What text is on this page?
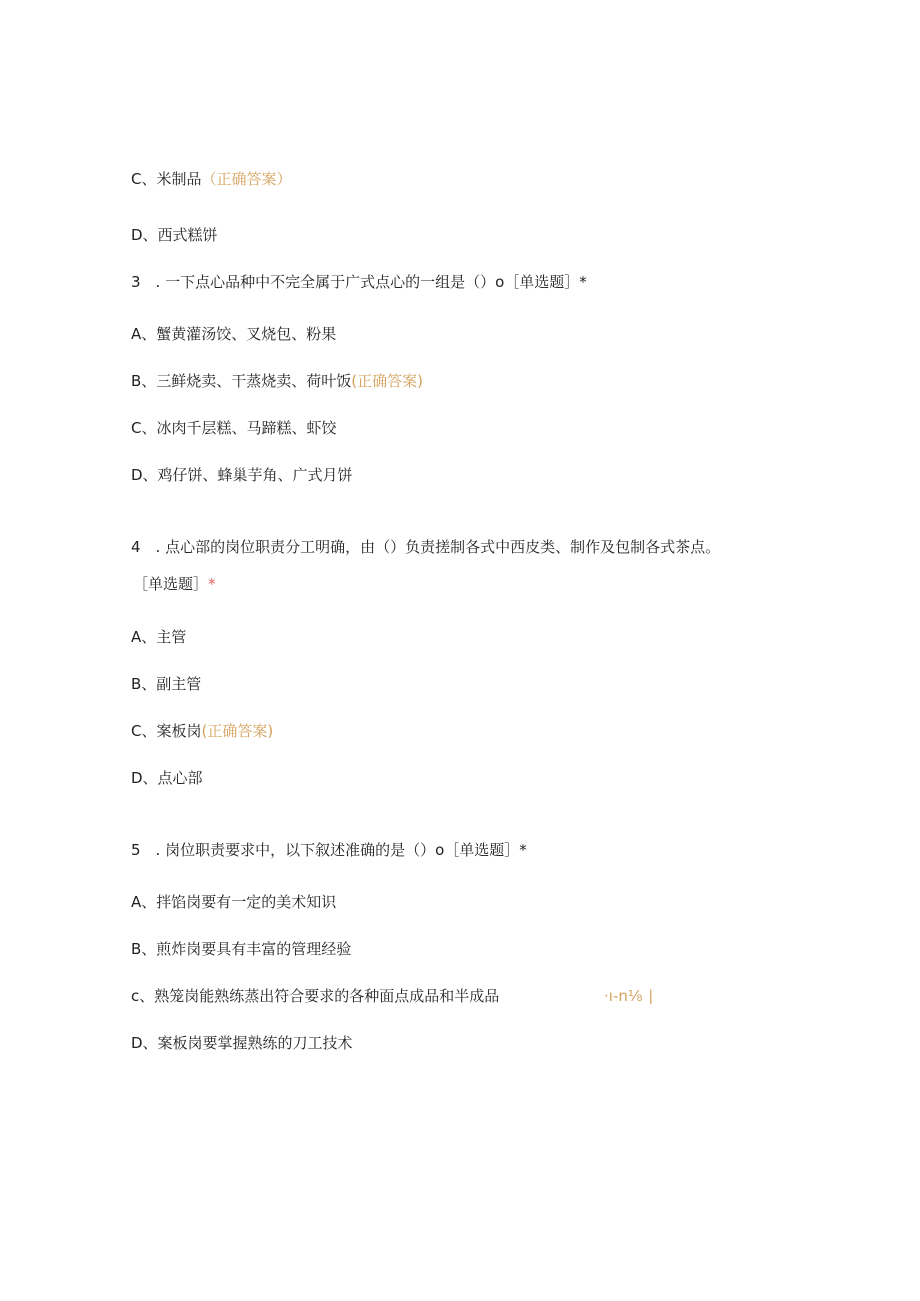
C、米制品（正确答案）
D、西式糕饼
3　. 一下点心品种中不完全属于广式点心的一组是（）o［单选题］*
A、蟹黄灌汤饺、叉烧包、粉果
B、三鲜烧卖、干蒸烧卖、荷叶饭(正确答案)
C、冰肉千层糕、马蹄糕、虾饺
D、鸡仔饼、蜂巢芋角、广式月饼
4　. 点心部的岗位职责分工明确，由（）负责搓制各式中西皮类、制作及包制各式茶点。
［单选题］*
A、主管
B、副主管
C、案板岗(正确答案)
D、点心部
5　. 岗位职责要求中，以下叙述准确的是（）o［单选题］*
A、拌馅岗要有一定的美术知识
B、煎炸岗要具有丰富的管理经验
c、熟笼岗能熟练蒸出符合要求的各种面点成品和半成品	·ı-n⅛ ∣
D、案板岗要掌握熟练的刀工技术
